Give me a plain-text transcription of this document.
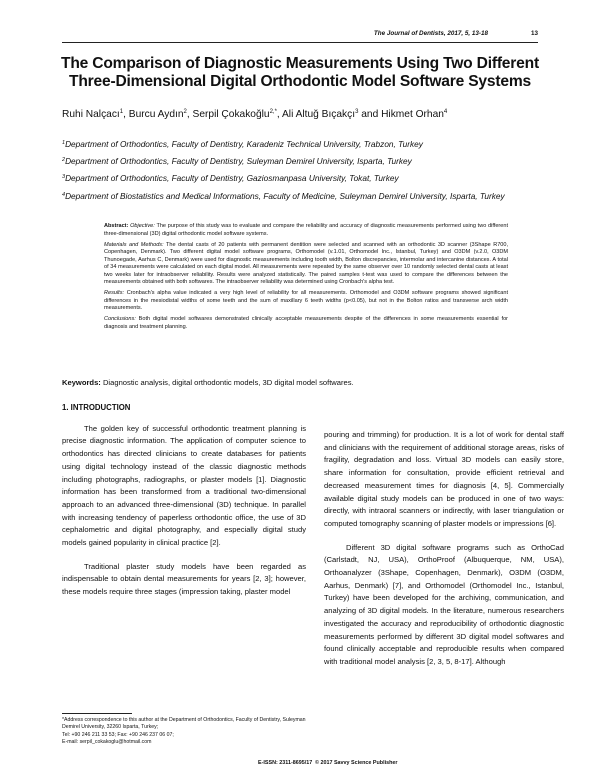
The Journal of Dentists, 2017, 5, 13-18	13
The Comparison of Diagnostic Measurements Using Two Different Three-Dimensional Digital Orthodontic Model Software Systems
Ruhi Nalçacı$^1$, Burcu Aydın$^2$, Serpil Çokakoğlu$^{2,*}$, Ali Altuğ Bıçakçı$^3$ and Hikmet Orhan$^4$
$^1$Department of Orthodontics, Faculty of Dentistry, Karadeniz Technical University, Trabzon, Turkey
$^2$Department of Orthodontics, Faculty of Dentistry, Suleyman Demirel University, Isparta, Turkey
$^3$Department of Orthodontics, Faculty of Dentistry, Gaziosmanpasa University, Tokat, Turkey
$^4$Department of Biostatistics and Medical Informations, Faculty of Medicine, Suleyman Demirel University, Isparta, Turkey

Abstract: Objective: The purpose of this study was to evaluate and compare the reliability and accuracy of diagnostic measurements performed using two different three-dimensional (3D) digital orthodontic model software systems.

Materials and Methods: The dental casts of 20 patients with permanent dentition were selected and scanned with an orthodontic 3D scanner (3Shape R700, Copenhagen, Denmark). Two different digital model software programs, Orthomodel (v.1.01, Orthomodel Inc., Istanbul, Turkey) and O3DM (v.2.0, O3DM Thunoegade, Aarhus C, Denmark) were used for diagnostic measurements including tooth width, Bolton discrepancies, intermolar and intercanine distances. A total of 34 measurements were calculated on each digital model. All measurements were repeated by the same observer over 10 randomly selected dental casts at least two weeks later for intraobserver reliability. Results were analyzed statistically. The paired samples t-test was used to compare the differences between the measurements obtained with both softwares. The intraobserver reliability was determined using Cronbach's alpha test.

Results: Cronbach's alpha value indicated a very high level of reliability for all measurements. Orthomodel and O3DM software programs showed significant differences in the mesiodistal widths of some teeth and the sum of maxillary 6 teeth widths (p<0.05), but not in the Bolton ratios and transverse arch width measurements.

Conclusions: Both digital model softwares demonstrated clinically acceptable measurements despite of the differences in some measurements essential for diagnosis and treatment planning.

Keywords: Diagnostic analysis, digital orthodontic models, 3D digital model softwares.
1. INTRODUCTION

The golden key of successful orthodontic treatment planning is precise diagnostic information. The application of computer science to orthodontics has directed clinicians to create databases for patients using digital technology instead of the classic diagnostic methods including photographs, radiographs, or plaster models [1]. Diagnostic information has been transformed from a traditional two-dimensional approach to an advanced three-dimensional (3D) technique. In parallel with increasing tendency of paperless orthodontic office, the use of 3D cephalometric and digital photography, and especially digital study models gained popularity in clinical practice [2].

Traditional plaster study models have been regarded as indispensable to obtain dental measurements for years [2, 3]; however, these models require three stages (impression taking, plaster model

pouring and trimming) for production. It is a lot of work for dental staff and clinicians with the requirement of additional storage areas, risks of fragility, degradation and loss. Virtual 3D models can easily store, share information for consultation, provide efficient retrieval and decreased measurement times for diagnosis [4, 5]. Commercially available digital study models can be produced in one of two ways: directly, with intraoral scanners or indirectly, with laser triangulation or computed tomography scanning of plaster models or impressions [6].

Different 3D digital software programs such as OrthoCad (Carlstadt, NJ, USA), OrthoProof (Albuquerque, NM, USA), Orthoanalyzer (3Shape, Copenhagen, Denmark), O3DM (O3DM, Aarhus, Denmark) [7], and Orthomodel (Orthomodel Inc., Istanbul, Turkey) have been developed for the archiving, communication, and analyzing of 3D digital models. In the literature, numerous researchers investigated the accuracy and reproducibility of orthodontic diagnostic measurements performed by different 3D digital model softwares and found clinically acceptable and reproducible results when compared with traditional model analysis [2, 3, 5, 8-17]. Although

*Address correspondence to this author at the Department of Orthodontics, Faculty of Dentistry, Suleyman Demirel University, 32260 Isparta, Turkey;
Tel: +90 246 211 33 53; Fax: +90 246 237 06 07;
E-mail: serpil_cokakoglu@hotmail.com
E-ISSN: 2311-8695/17 © 2017 Savvy Science Publisher
